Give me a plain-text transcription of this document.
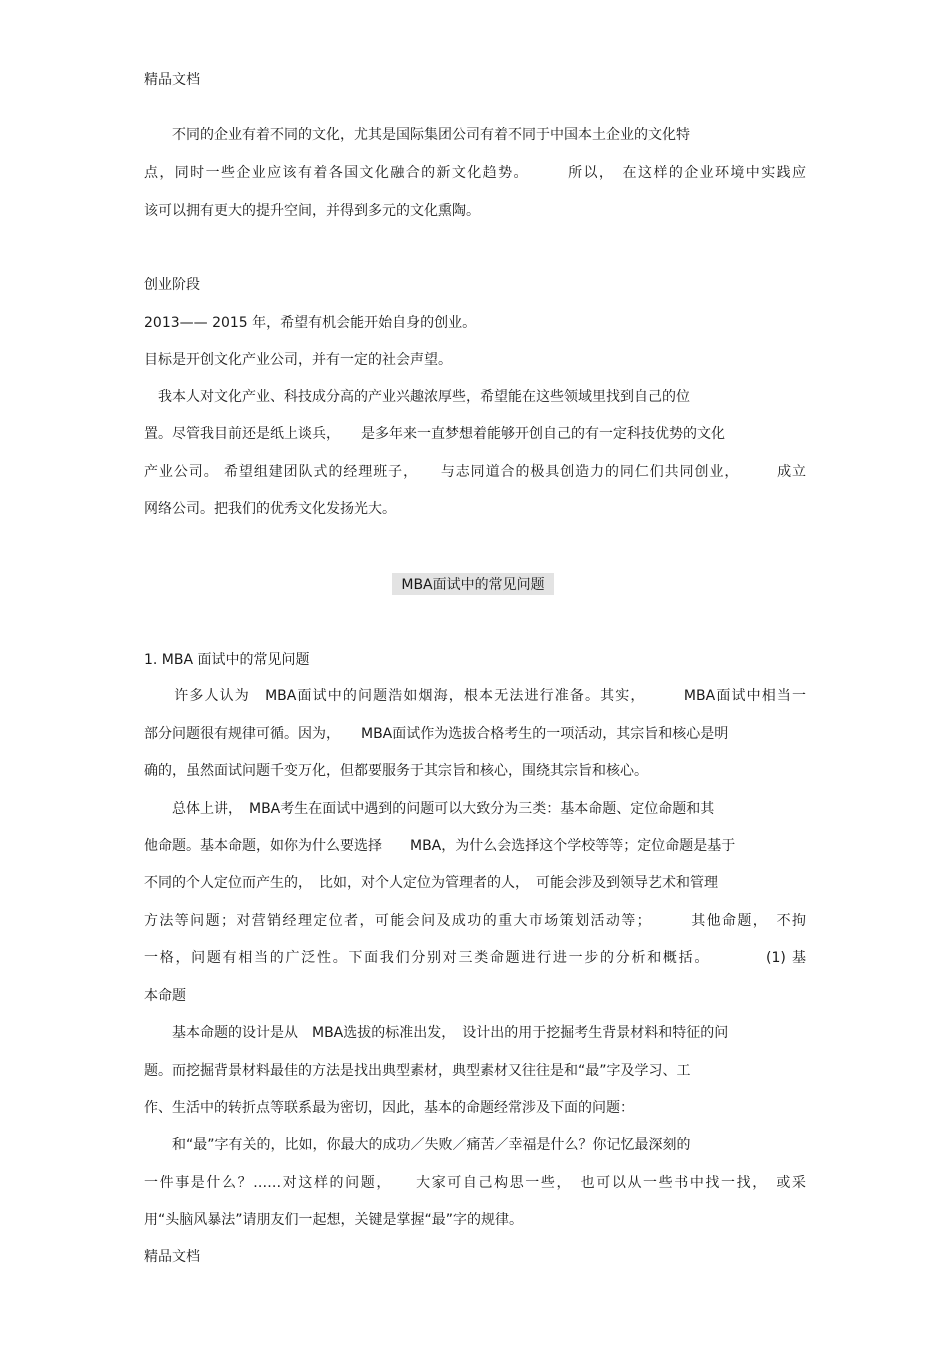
精品文档

　　不同的企业有着不同的文化，尤其是国际集团公司有着不同于中国本土企业的文化特

点，同时一些企业应该有着各国文化融合的新文化趋势。　　　所以，　在这样的企业环境中实践应

该可以拥有更大的提升空间，并得到多元的文化熏陶。

创业阶段

2013—— 2015 年，希望有机会能开始自身的创业。

目标是开创文化产业公司，并有一定的社会声望。

　我本人对文化产业、科技成分高的产业兴趣浓厚些，希望能在这些领域里找到自己的位

置。尽管我目前还是纸上谈兵，　　是多年来一直梦想着能够开创自己的有一定科技优势的文化

产业公司。 希望组建团队式的经理班子，　　与志同道合的极具创造力的同仁们共同创业，　　　成立

网络公司。把我们的优秀文化发扬光大。

MBA面试中的常见问题

1. MBA 面试中的常见问题

　　许多人认为　MBA面试中的问题浩如烟海，根本无法进行准备。其实，　　　MBA面试中相当一

部分问题很有规律可循。因为，　　MBA面试作为选拔合格考生的一项活动，其宗旨和核心是明

确的，虽然面试问题千变万化，但都要服务于其宗旨和核心，围绕其宗旨和核心。

　　总体上讲，　MBA考生在面试中遇到的问题可以大致分为三类：基本命题、定位命题和其

他命题。基本命题，如你为什么要选择　　MBA，为什么会选择这个学校等等；定位命题是基于

不同的个人定位而产生的，　比如，对个人定位为管理者的人，　可能会涉及到领导艺术和管理

方法等问题；对营销经理定位者，可能会问及成功的重大市场策划活动等；　　　其他命题，　不拘

一格，问题有相当的广泛性。下面我们分别对三类命题进行进一步的分析和概括。　　　　(1) 基

本命题

　　基本命题的设计是从　MBA选拔的标准出发，　设计出的用于挖掘考生背景材料和特征的问

题。而挖掘背景材料最佳的方法是找出典型素材，典型素材又往往是和“最”字及学习、工

作、生活中的转折点等联系最为密切，因此，基本的命题经常涉及下面的问题：

　　和“最”字有关的，比如，你最大的成功／失败／痛苦／幸福是什么？你记忆最深刻的

一件事是什么？……对这样的问题，　　大家可自己构思一些，　也可以从一些书中找一找，　或采

用“头脑风暴法”请朋友们一起想，关键是掌握“最”字的规律。

精品文档
